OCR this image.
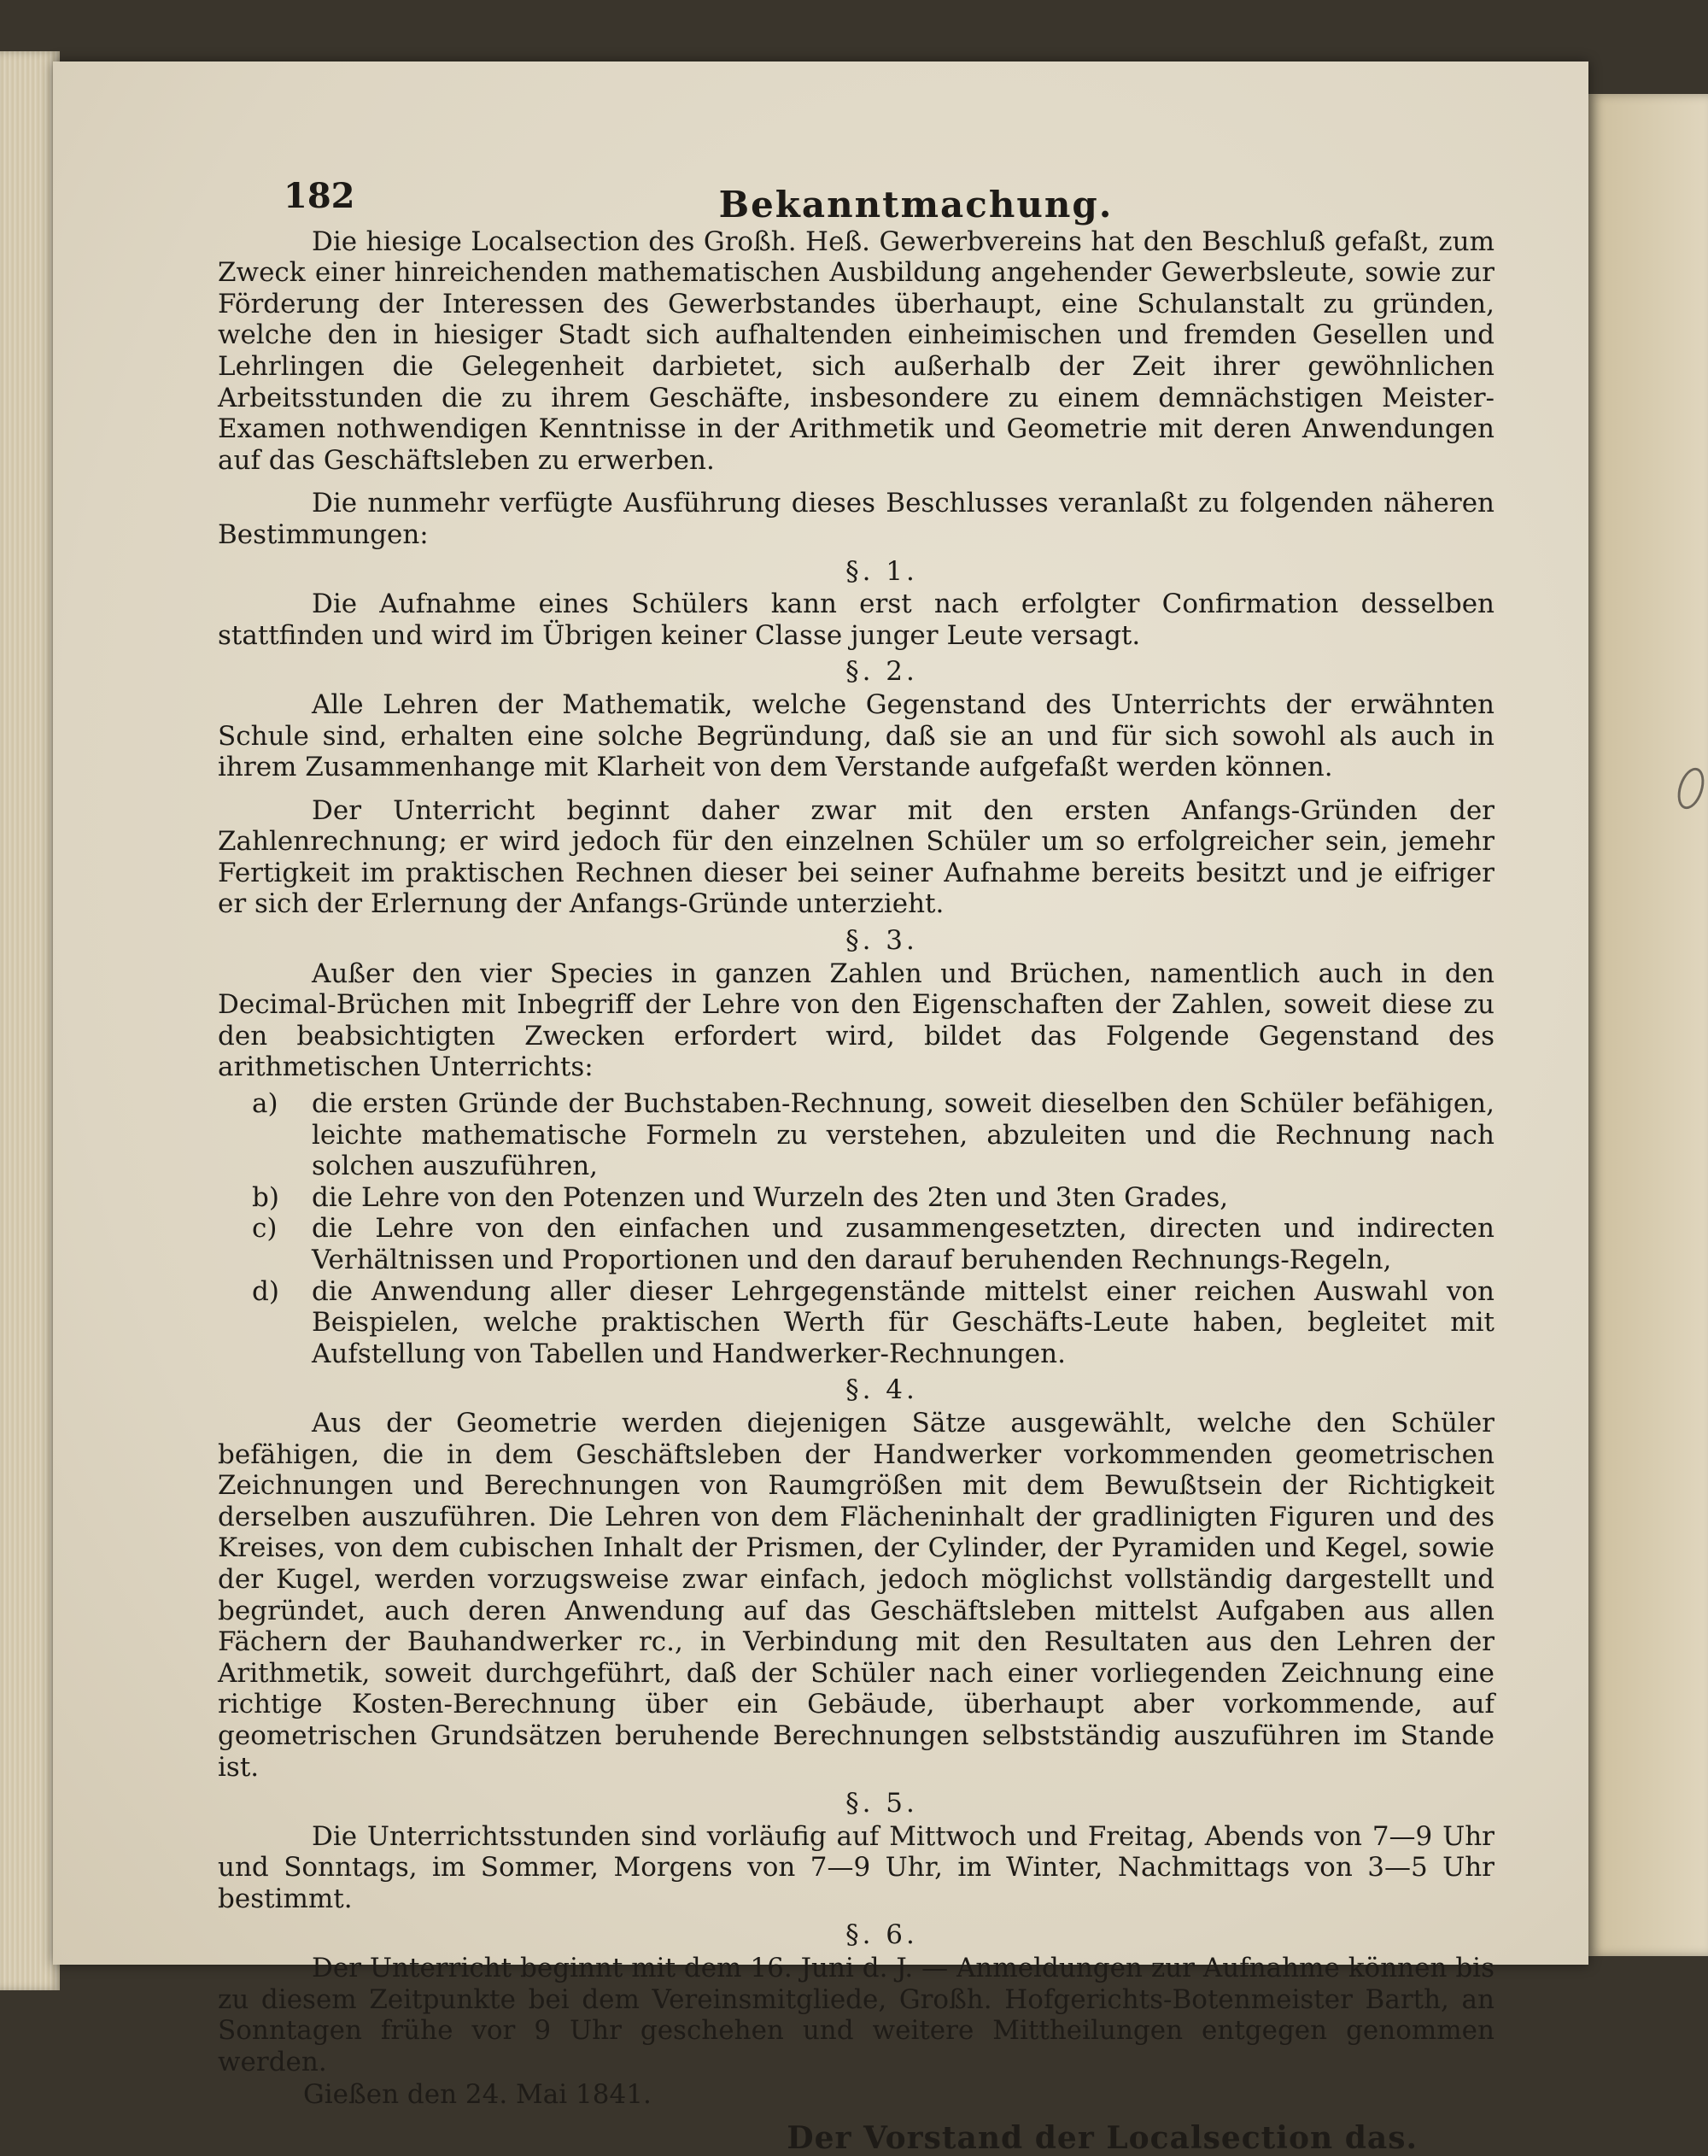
182	Bekanntmachung.

Die hiesige Localsection des Großh. Heß. Gewerbvereins hat den Beschluß gefaßt, zum Zweck einer hinreichenden mathematischen Ausbildung angehender Gewerbsleute, sowie zur Förderung der Interessen des Gewerbstandes überhaupt, eine Schulanstalt zu gründen, welche den in hiesiger Stadt sich aufhaltenden einheimischen und fremden Gesellen und Lehrlingen die Gelegenheit darbietet, sich außerhalb der Zeit ihrer gewöhnlichen Arbeitsstunden die zu ihrem Geschäfte, insbesondere zu einem demnächstigen Meister-Examen nothwendigen Kenntnisse in der Arithmetik und Geometrie mit deren Anwendungen auf das Geschäftsleben zu erwerben.

Die nunmehr verfügte Ausführung dieses Beschlusses veranlaßt zu folgenden näheren Bestimmungen:

§. 1.

Die Aufnahme eines Schülers kann erst nach erfolgter Confirmation desselben stattfinden und wird im Übrigen keiner Classe junger Leute versagt.

§. 2.

Alle Lehren der Mathematik, welche Gegenstand des Unterrichts der erwähnten Schule sind, erhalten eine solche Begründung, daß sie an und für sich sowohl als auch in ihrem Zusammenhange mit Klarheit von dem Verstande aufgefaßt werden können.

Der Unterricht beginnt daher zwar mit den ersten Anfangs-Gründen der Zahlenrechnung; er wird jedoch für den einzelnen Schüler um so erfolgreicher sein, jemehr Fertigkeit im praktischen Rechnen dieser bei seiner Aufnahme bereits besitzt und je eifriger er sich der Erlernung der Anfangs-Gründe unterzieht.

§. 3.

Außer den vier Species in ganzen Zahlen und Brüchen, namentlich auch in den Decimal-Brüchen mit Inbegriff der Lehre von den Eigenschaften der Zahlen, soweit diese zu den beabsichtigten Zwecken erfordert wird, bildet das Folgende Gegenstand des arithmetischen Unterrichts:

a) die ersten Gründe der Buchstaben-Rechnung, soweit dieselben den Schüler befähigen, leichte mathematische Formeln zu verstehen, abzuleiten und die Rechnung nach solchen auszuführen,
b) die Lehre von den Potenzen und Wurzeln des 2ten und 3ten Grades,
c) die Lehre von den einfachen und zusammengesetzten, directen und indirecten Verhältnissen und Proportionen und den darauf beruhenden Rechnungs-Regeln,
d) die Anwendung aller dieser Lehrgegenstände mittelst einer reichen Auswahl von Beispielen, welche praktischen Werth für Geschäfts-Leute haben, begleitet mit Aufstellung von Tabellen und Handwerker-Rechnungen.
§. 4.

Aus der Geometrie werden diejenigen Sätze ausgewählt, welche den Schüler befähigen, die in dem Geschäftsleben der Handwerker vorkommenden geometrischen Zeichnungen und Berechnungen von Raumgrößen mit dem Bewußtsein der Richtigkeit derselben auszuführen. Die Lehren von dem Flächeninhalt der gradlinigten Figuren und des Kreises, von dem cubischen Inhalt der Prismen, der Cylinder, der Pyramiden und Kegel, sowie der Kugel, werden vorzugsweise zwar einfach, jedoch möglichst vollständig dargestellt und begründet, auch deren Anwendung auf das Geschäftsleben mittelst Aufgaben aus allen Fächern der Bauhandwerker rc., in Verbindung mit den Resultaten aus den Lehren der Arithmetik, soweit durchgeführt, daß der Schüler nach einer vorliegenden Zeichnung eine richtige Kosten-Berechnung über ein Gebäude, überhaupt aber vorkommende, auf geometrischen Grundsätzen beruhende Berechnungen selbstständig auszuführen im Stande ist.

§. 5.

Die Unterrichtsstunden sind vorläufig auf Mittwoch und Freitag, Abends von 7—9 Uhr und Sonntags, im Sommer, Morgens von 7—9 Uhr, im Winter, Nachmittags von 3—5 Uhr bestimmt.

§. 6.

Der Unterricht beginnt mit dem 16. Juni d. J. — Anmeldungen zur Aufnahme können bis zu diesem Zeitpunkte bei dem Vereinsmitgliede, Großh. Hofgerichts-Botenmeister Barth, an Sonntagen frühe vor 9 Uhr geschehen und weitere Mittheilungen entgegen genommen werden.

Gießen den 24. Mai 1841.

Der Vorstand der Localsection das.
